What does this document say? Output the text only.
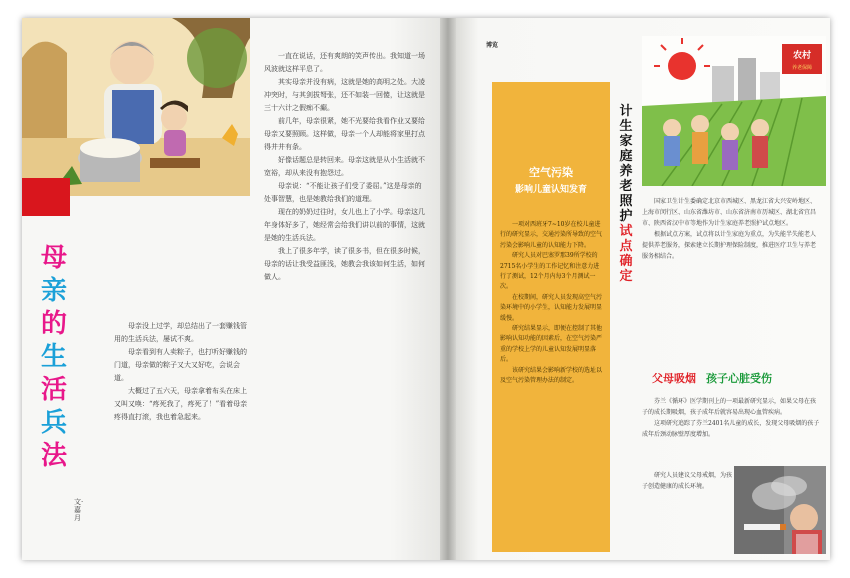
母
亲
的
生
活
兵
法
文·嘉月

母亲没上过学，却总结出了一套赚钱管用的生活兵法，屡试不爽。

母亲看到有人卖粽子，也打听好赚钱的门道，母亲做的粽子又大又好吃，会说会道。

大概过了五六天，母亲拿着布头在床上又叫又唤：“疼死我了，疼死了！”看着母亲疼得直打滚，我也着急起来。

一直在说话，还有爽朗的笑声传出。我知道一场风波就这样平息了。

其实母亲并没有病，这就是她的高明之处。大凌冲突时，与其剑拔弩张，还不如装一回傻，让这就是三十六计之假痴不癫。

前几年，母亲很紧，她不光要给我看作业又要给母亲又要照顾。这样做，母亲一个人却能将家里打点得井井有条。

好像话题总是转回来。母亲这就是从小生活就不宽裕，却从来没有抱怨过。

母亲说：“不能让孩子们受了委屈。”这是母亲的处事智慧，也是她教给我们的道理。

现在的奶奶过往时，女儿也上了小学。母亲这几年身体好多了，她经常会给我们讲以前的事情，这就是她的生活兵法。

我上了很多年学，读了很多书，但在很多时候，母亲的话让我受益匪浅，她教会我该如何生活，如何做人。

博览
空气污染
影响儿童认知发育

一项对西班牙7~10岁在校儿童进行的研究显示，交通污染所导致的空气污染会影响儿童的认知能力下降。

研究人员对巴塞罗那39所学校的2715名小学生的工作记忆和注意力进行了测试，12个月内每3个月测试一次。

在校期间，研究人员发现高空气污染环境中的小学生，认知能力发展明显缓慢。

研究结果显示，即便在控制了其他影响认知功能的因素后，在空气污染严重的学校上学的儿童认知发展明显落后。

该研究结果会影响新学校的选址以及空气污染管理办法的制定。

农村
养老保障
计
生
家
庭
养
老
照
护
试
点
确
定

国家卫生计生委确定北京市西城区、黑龙江省大兴安岭地区、上海市闵行区、山东省潍坊市、山东省济南市历城区、湖北省宜昌市、陕西省汉中市等地作为计生家庭养老照护试点地区。

根据试点方案，试点将以计生家庭为重点，为失能半失能老人提供养老服务，探索建立长期护理保险制度，推进医疗卫生与养老服务相结合。

父母吸烟 孩子心脏受伤

芬兰《循环》医学期刊上的一项最新研究显示，如果父母在孩子的成长期吸烟，孩子成年后就容易出现心血管疾病。

这项研究追踪了芬兰2401名儿童的成长，发现父母吸烟的孩子成年后颈动脉壁厚度增加。

研究人员建议父母戒烟，为孩子创造健康的成长环境。
